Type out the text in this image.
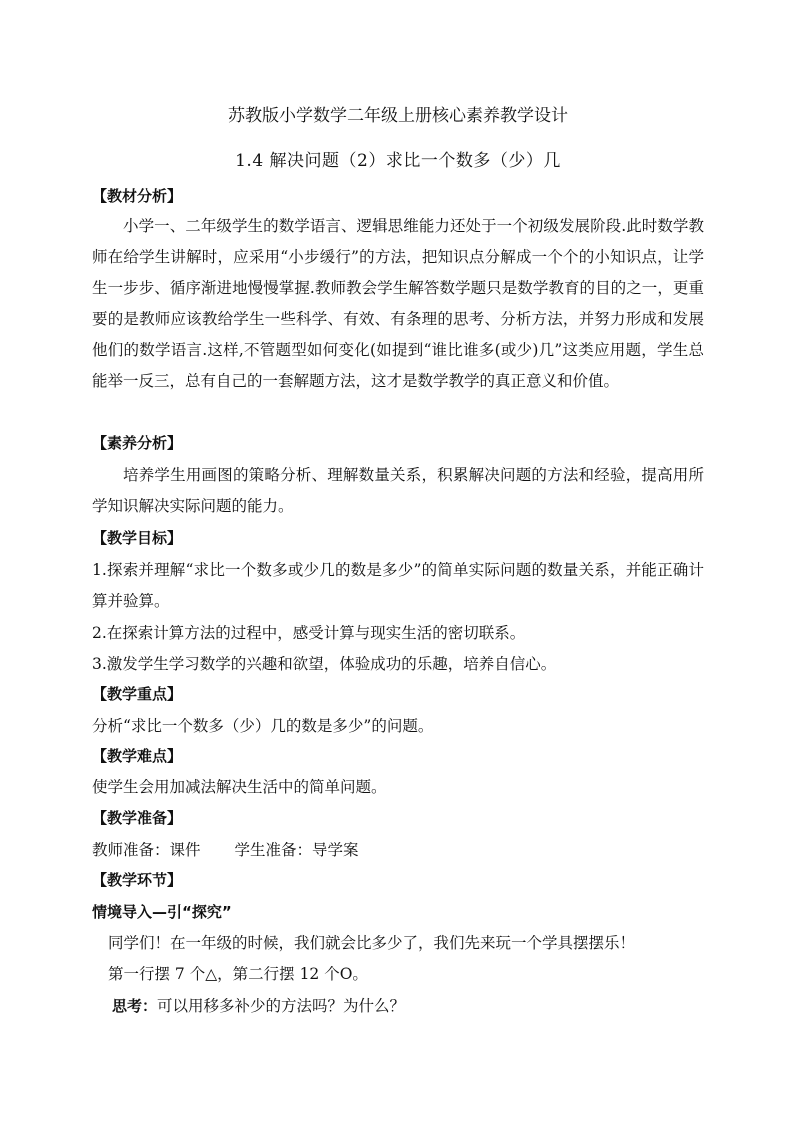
苏教版小学数学二年级上册核心素养教学设计
1.4 解决问题（2）求比一个数多（少）几
【教材分析】
小学一、二年级学生的数学语言、逻辑思维能力还处于一个初级发展阶段.此时数学教师在给学生讲解时，应采用“小步缓行”的方法，把知识点分解成一个个的小知识点，让学生一步步、循序渐进地慢慢掌握.教师教会学生解答数学题只是数学教育的目的之一，更重要的是教师应该教给学生一些科学、有效、有条理的思考、分析方法，并努力形成和发展他们的数学语言.这样,不管题型如何变化(如提到“谁比谁多(或少)几”这类应用题，学生总能举一反三，总有自己的一套解题方法，这才是数学教学的真正意义和价值。
【素养分析】
培养学生用画图的策略分析、理解数量关系，积累解决问题的方法和经验，提高用所学知识解决实际问题的能力。
【教学目标】
1.探索并理解“求比一个数多或少几的数是多少”的简单实际问题的数量关系，并能正确计算并验算。
2.在探索计算方法的过程中，感受计算与现实生活的密切联系。
3.激发学生学习数学的兴趣和欲望，体验成功的乐趣，培养自信心。
【教学重点】
分析“求比一个数多（少）几的数是多少”的问题。
【教学难点】
使学生会用加减法解决生活中的简单问题。
【教学准备】
教师准备：课件 学生准备：导学案
【教学环节】
情境导入—引“探究”
同学们！在一年级的时候，我们就会比多少了，我们先来玩一个学具摆摆乐！
第一行摆 7 个△，第二行摆 12 个O。
思考：可以用移多补少的方法吗？为什么？
